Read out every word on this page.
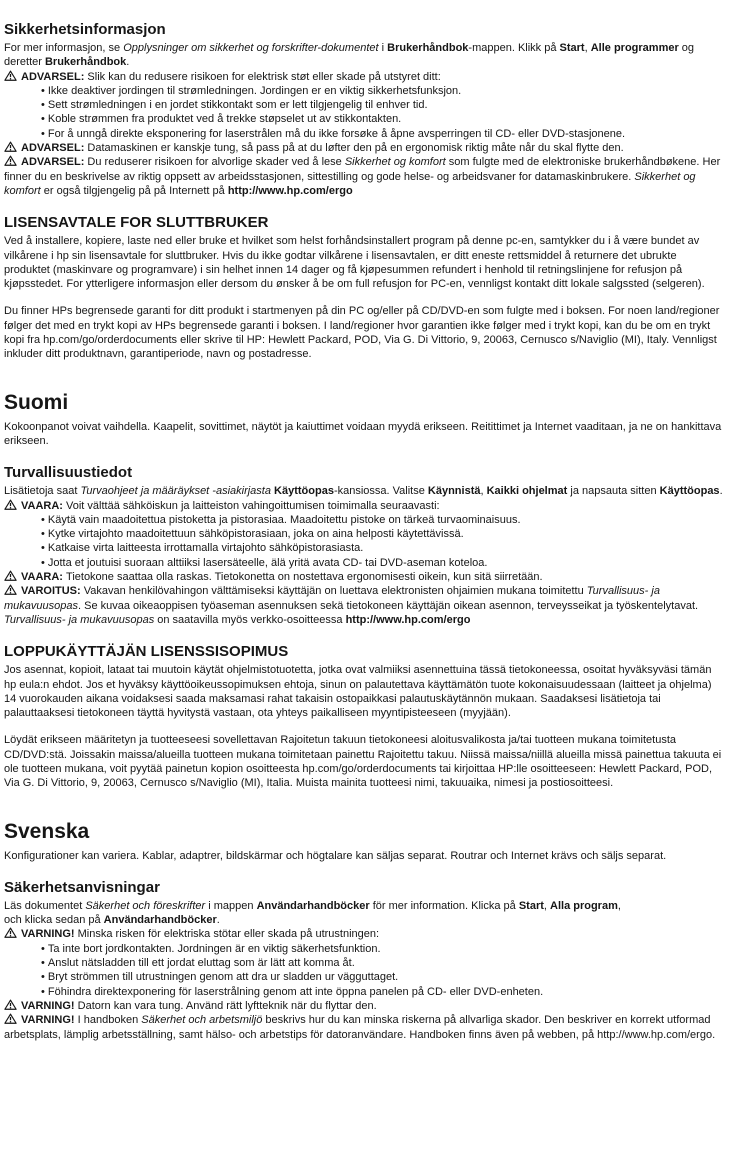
Sikkerhetsinformasjon

For mer informasjon, se Opplysninger om sikkerhet og forskrifter-dokumentet i Brukerhåndbok-mappen. Klikk på Start, Alle programmer og deretter Brukerhåndbok.

ADVARSEL: Slik kan du redusere risikoen for elektrisk støt eller skade på utstyret ditt:

• Ikke deaktiver jordingen til strømledningen. Jordingen er en viktig sikkerhetsfunksjon.
• Sett strømledningen i en jordet stikkontakt som er lett tilgjengelig til enhver tid.
• Koble strømmen fra produktet ved å trekke støpselet ut av stikkontakten.
• For å unngå direkte eksponering for laserstrålen må du ikke forsøke å åpne avsperringen til CD- eller DVD-stasjonene.

ADVARSEL: Datamaskinen er kanskje tung, så pass på at du løfter den på en ergonomisk riktig måte når du skal flytte den.

ADVARSEL: Du reduserer risikoen for alvorlige skader ved å lese Sikkerhet og komfort som fulgte med de elektroniske brukerhåndbøkene. Her finner du en beskrivelse av riktig oppsett av arbeidsstasjonen, sittestilling og gode helse- og arbeidsvaner for datamaskinbrukere. Sikkerhet og komfort er også tilgjengelig på på Internett på http://www.hp.com/ergo

LISENSAVTALE FOR SLUTTBRUKER

Ved å installere, kopiere, laste ned eller bruke et hvilket som helst forhåndsinstallert program på denne pc-en, samtykker du i å være bundet av vilkårene i hp sin lisensavtale for sluttbruker. Hvis du ikke godtar vilkårene i lisensavtalen, er ditt eneste rettsmiddel å returnere det ubrukte produktet (maskinvare og programvare) i sin helhet innen 14 dager og få kjøpesummen refundert i henhold til retningslinjene for refusjon på kjøpsstedet. For ytterligere informasjon eller dersom du ønsker å be om full refusjon for PC-en, vennligst kontakt ditt lokale salgssted (selgeren).

Du finner HPs begrensede garanti for ditt produkt i startmenyen på din PC og/eller på CD/DVD-en som fulgte med i boksen. For noen land/regioner følger det med en trykt kopi av HPs begrensede garanti i boksen. I land/regioner hvor garantien ikke følger med i trykt kopi, kan du be om en trykt kopi fra hp.com/go/orderdocuments eller skrive til HP: Hewlett Packard, POD, Via G. Di Vittorio, 9, 20063, Cernusco s/Naviglio (MI), Italy. Vennligst inkluder ditt produktnavn, garantiperiode, navn og postadresse.

Suomi

Kokoonpanot voivat vaihdella. Kaapelit, sovittimet, näytöt ja kaiuttimet voidaan myydä erikseen. Reitittimet ja Internet vaaditaan, ja ne on hankittava erikseen.

Turvallisuustiedot

Lisätietoja saat Turvaohjeet ja määräykset -asiakirjasta Käyttöopas-kansiossa. Valitse Käynnistä, Kaikki ohjelmat ja napsauta sitten Käyttöopas.

VAARA: Voit välttää sähköiskun ja laitteiston vahingoittumisen toimimalla seuraavasti:

• Käytä vain maadoitettua pistoketta ja pistorasiaa. Maadoitettu pistoke on tärkeä turvaominaisuus.
• Kytke virtajohto maadoitettuun sähköpistorasiaan, joka on aina helposti käytettävissä.
• Katkaise virta laitteesta irrottamalla virtajohto sähköpistorasiasta.
• Jotta et joutuisi suoraan alttiiksi lasersäteelle, älä yritä avata CD- tai DVD-aseman koteloa.

VAARA: Tietokone saattaa olla raskas. Tietokonetta on nostettava ergonomisesti oikein, kun sitä siirretään.

VAROITUS: Vakavan henkilövahingon välttämiseksi käyttäjän on luettava elektronisten ohjaimien mukana toimitettu Turvallisuus- ja mukavuusopas. Se kuvaa oikeaoppisen työaseman asennuksen sekä tietokoneen käyttäjän oikean asennon, terveysseikat ja työskentelytavat. Turvallisuus- ja mukavuusopas on saatavilla myös verkko-osoitteessa http://www.hp.com/ergo

LOPPUKÄYTTÄJÄN LISENSSISOPIMUS

Jos asennat, kopioit, lataat tai muutoin käytät ohjelmistotuotetta, jotka ovat valmiiksi asennettuina tässä tietokoneessa, osoitat hyväksyväsi tämän hp eula:n ehdot. Jos et hyväksy käyttöoikeussopimuksen ehtoja, sinun on palautettava käyttämätön tuote kokonaisuudessaan (laitteet ja ohjelma) 14 vuorokauden aikana voidaksesi saada maksamasi rahat takaisin ostopaikkasi palautuskäytännön mukaan. Saadaksesi lisätietoja tai palauttaaksesi tietokoneen täyttä hyvitystä vastaan, ota yhteys paikalliseen myyntipisteeseen (myyjään).

Löydät erikseen määritetyn ja tuotteeseesi sovellettavan Rajoitetun takuun tietokoneesi aloitusvalikosta ja/tai tuotteen mukana toimitetusta CD/DVD:stä. Joissakin maissa/alueilla tuotteen mukana toimitetaan painettu Rajoitettu takuu. Niissä maissa/niillä alueilla missä painettua takuuta ei ole tuotteen mukana, voit pyytää painetun kopion osoitteesta hp.com/go/orderdocuments tai kirjoittaa HP:lle osoitteeseen: Hewlett Packard, POD, Via G. Di Vittorio, 9, 20063, Cernusco s/Naviglio (MI), Italia. Muista mainita tuotteesi nimi, takuuaika, nimesi ja postiosoitteesi.

Svenska

Konfigurationer kan variera. Kablar, adaptrer, bildskärmar och högtalare kan säljas separat. Routrar och Internet krävs och säljs separat.

Säkerhetsanvisningar

Läs dokumentet Säkerhet och föreskrifter i mappen Användarhandböcker för mer information. Klicka på Start, Alla program,
och klicka sedan på Användarhandböcker.

VARNING! Minska risken för elektriska stötar eller skada på utrustningen:

• Ta inte bort jordkontakten. Jordningen är en viktig säkerhetsfunktion.
• Anslut nätsladden till ett jordat eluttag som är lätt att komma åt.
• Bryt strömmen till utrustningen genom att dra ur sladden ur vägguttaget.
• Föhindra direktexponering för laserstrålning genom att inte öppna panelen på CD- eller DVD-enheten.

VARNING! Datorn kan vara tung. Använd rätt lyftteknik när du flyttar den.

VARNING! I handboken Säkerhet och arbetsmiljö beskrivs hur du kan minska riskerna på allvarliga skador. Den beskriver en korrekt utformad arbetsplats, lämplig arbetsställning, samt hälso- och arbetstips för datoranvändare. Handboken finns även på webben, på http://www.hp.com/ergo.
